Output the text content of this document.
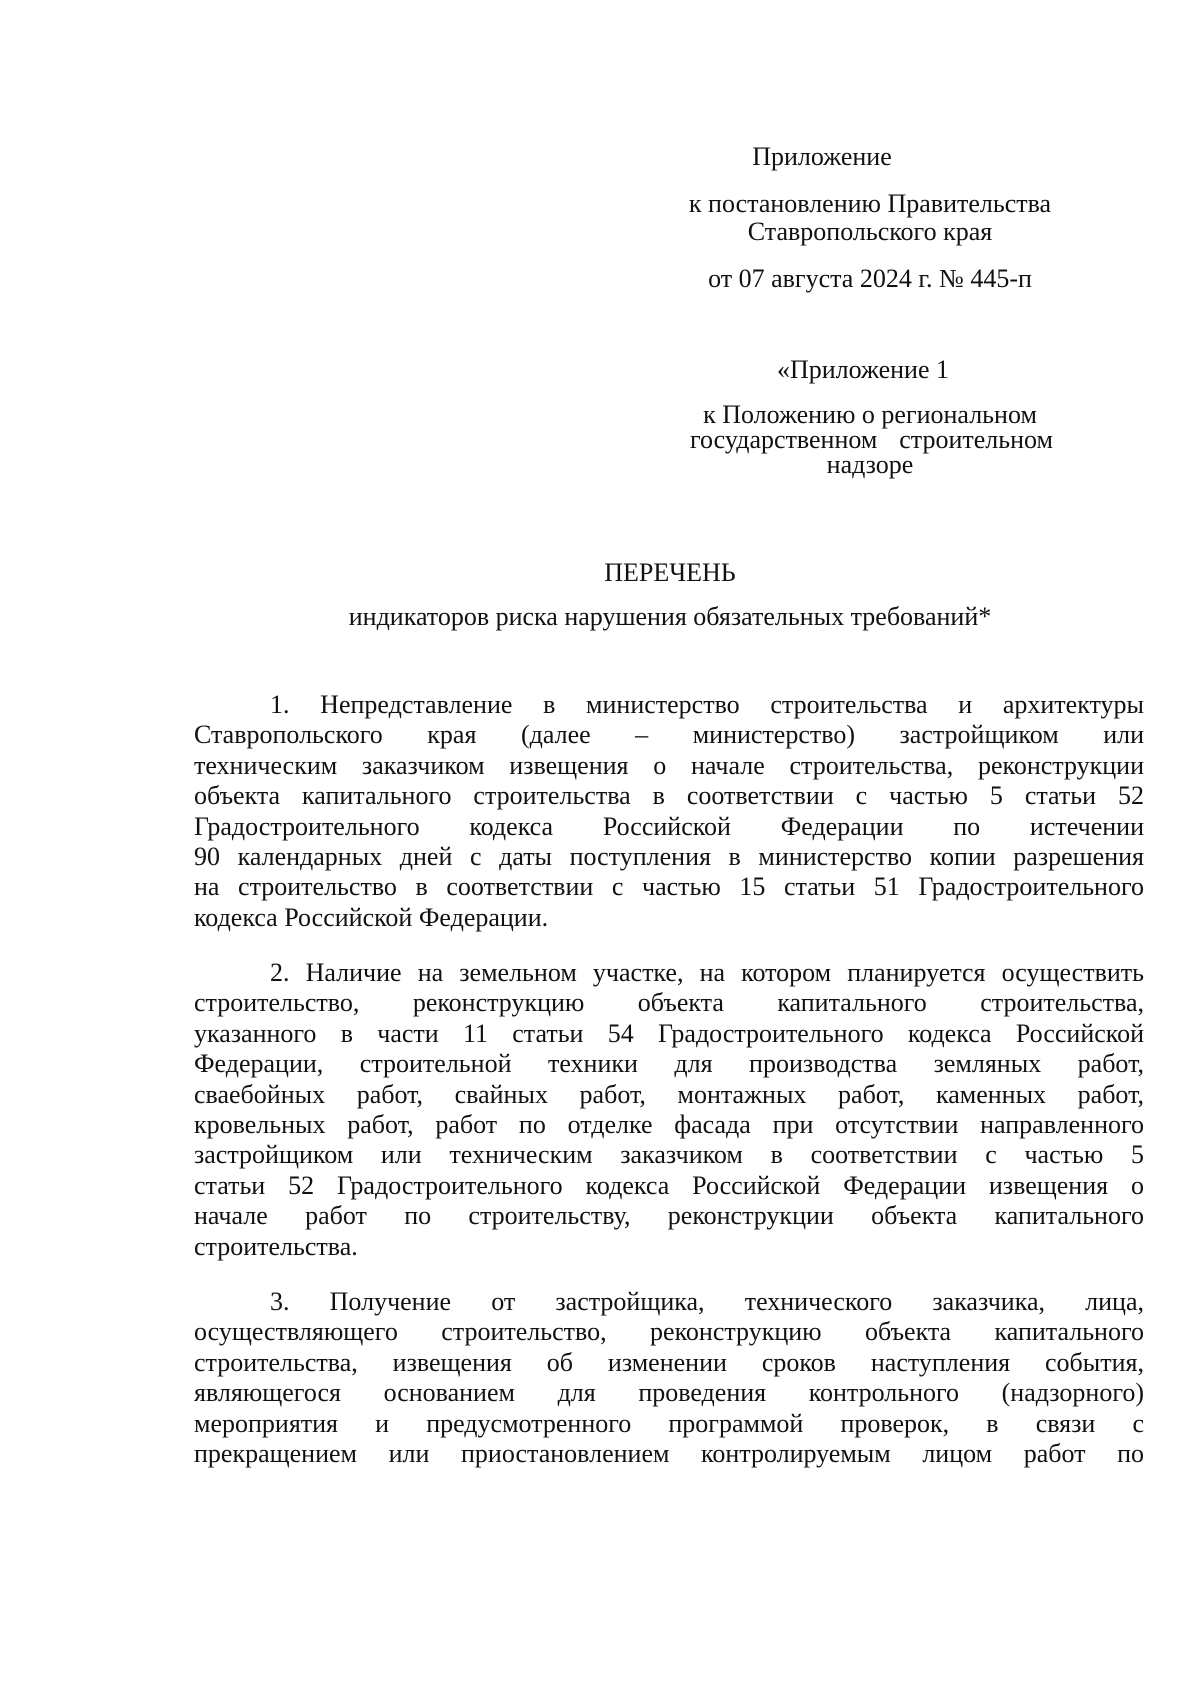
Приложение
к постановлению Правительства
Ставропольского края
от 07 августа 2024 г. № 445-п
«Приложение 1
к Положению о региональном
государственном строительном
надзоре
ПЕРЕЧЕНЬ
индикаторов риска нарушения обязательных требований*
1. Непредставление в министерство строительства и архитектуры
Ставропольского края (далее – министерство) застройщиком или
техническим заказчиком извещения о начале строительства, реконструкции
объекта капитального строительства в соответствии с частью 5 статьи 52
Градостроительного кодекса Российской Федерации по истечении
90 календарных дней с даты поступления в министерство копии разрешения
на строительство в соответствии с частью 15 статьи 51 Градостроительного
кодекса Российской Федерации.
2. Наличие на земельном участке, на котором планируется осуществить
строительство, реконструкцию объекта капитального строительства,
указанного в части 11 статьи 54 Градостроительного кодекса Российской
Федерации, строительной техники для производства земляных работ,
сваебойных работ, свайных работ, монтажных работ, каменных работ,
кровельных работ, работ по отделке фасада при отсутствии направленного
застройщиком или техническим заказчиком в соответствии с частью 5
статьи 52 Градостроительного кодекса Российской Федерации извещения о
начале работ по строительству, реконструкции объекта капитального
строительства.
3. Получение от застройщика, технического заказчика, лица,
осуществляющего строительство, реконструкцию объекта капитального
строительства, извещения об изменении сроков наступления события,
являющегося основанием для проведения контрольного (надзорного)
мероприятия и предусмотренного программой проверок, в связи с
прекращением или приостановлением контролируемым лицом работ по
